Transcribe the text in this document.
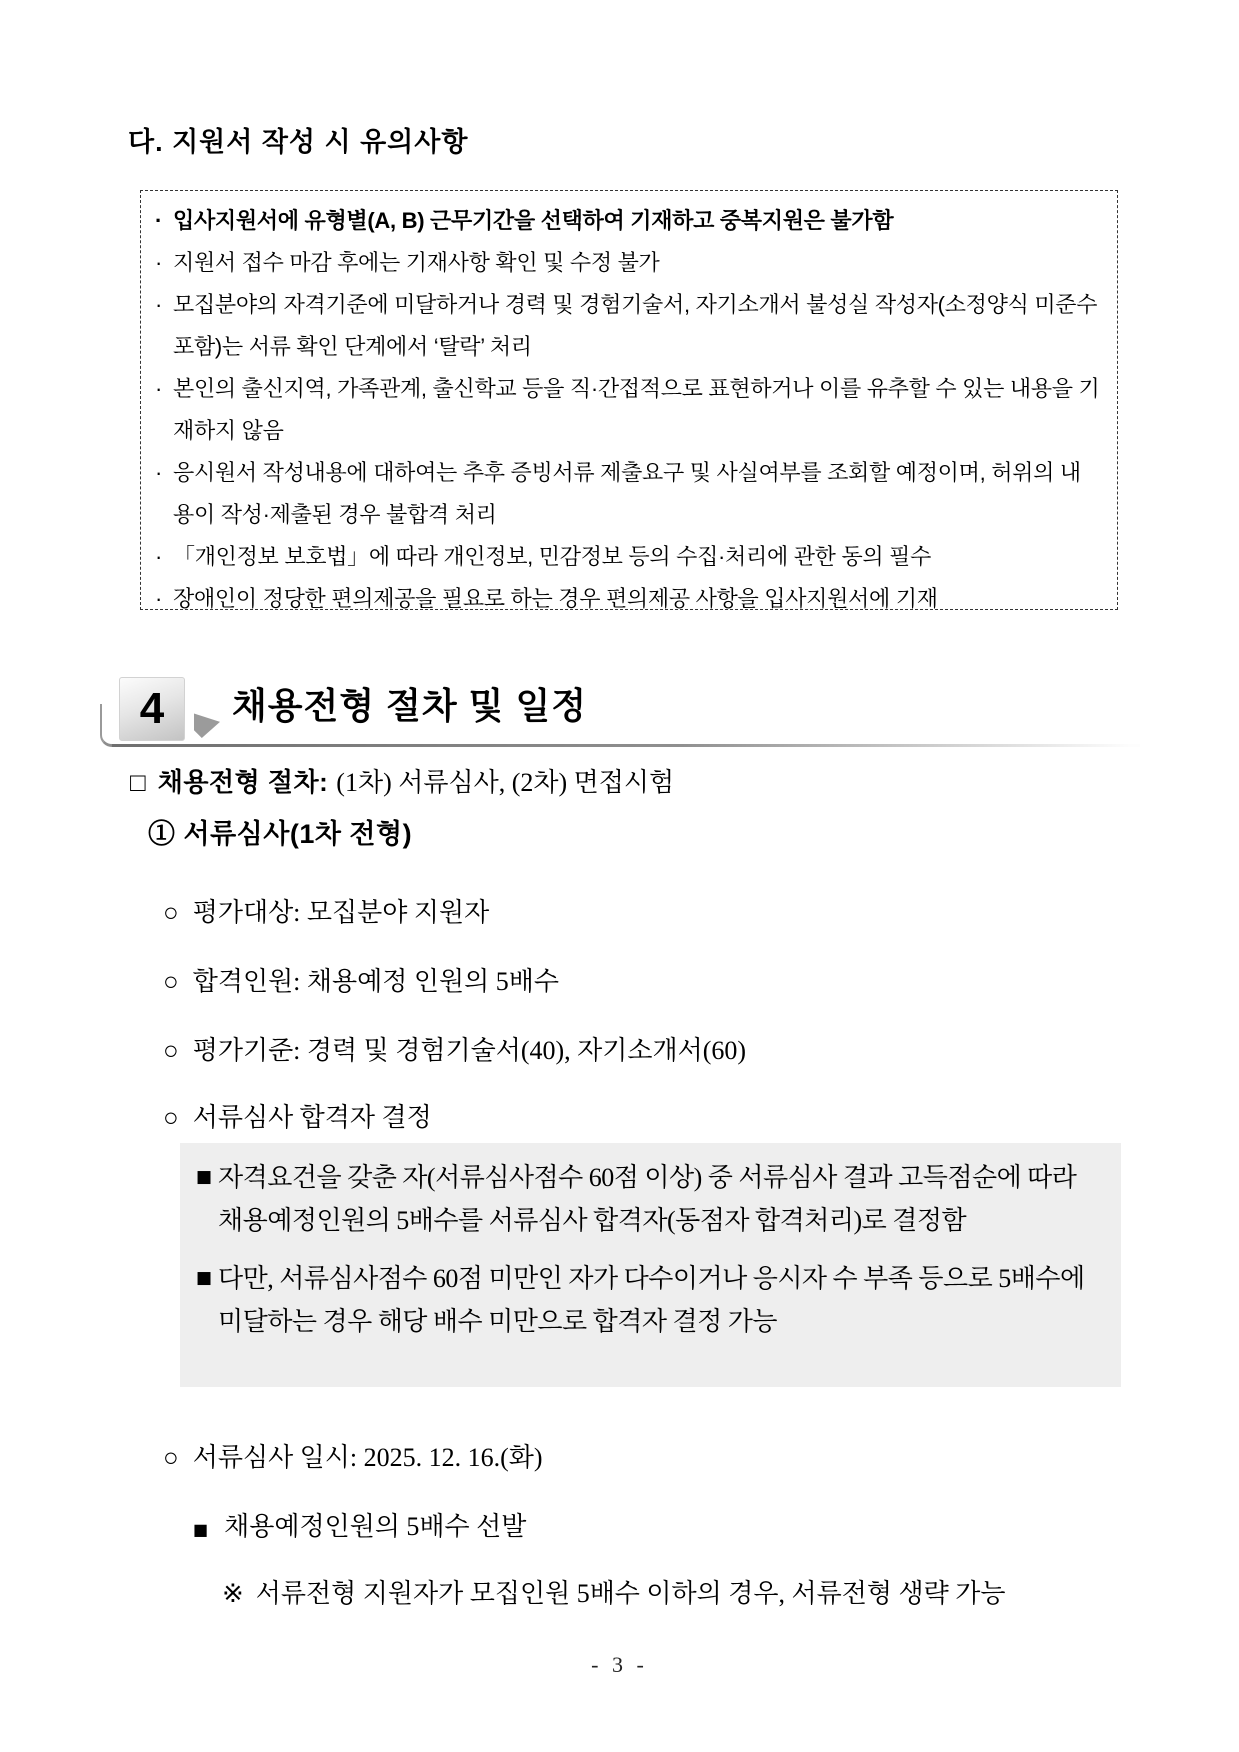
다. 지원서 작성 시 유의사항
· 입사지원서에 유형별(A, B) 근무기간을 선택하여 기재하고 중복지원은 불가함
· 지원서 접수 마감 후에는 기재사항 확인 및 수정 불가
· 모집분야의 자격기준에 미달하거나 경력 및 경험기술서, 자기소개서 불성실 작성자(소정양식 미준수 포함)는 서류 확인 단계에서 ‘탈락’ 처리
· 본인의 출신지역, 가족관계, 출신학교 등을 직·간접적으로 표현하거나 이를 유추할 수 있는 내용을 기재하지 않음
· 응시원서 작성내용에 대하여는 추후 증빙서류 제출요구 및 사실여부를 조회할 예정이며, 허위의 내용이 작성·제출된 경우 불합격 처리
· 「개인정보 보호법」에 따라 개인정보, 민감정보 등의 수집·처리에 관한 동의 필수
· 장애인이 정당한 편의제공을 필요로 하는 경우 편의제공 사항을 입사지원서에 기재
4	채용전형 절차 및 일정
□ 채용전형 절차: (1차) 서류심사, (2차) 면접시험
① 서류심사(1차 전형)
○ 평가대상: 모집분야 지원자
○ 합격인원: 채용예정 인원의 5배수
○ 평가기준: 경력 및 경험기술서(40), 자기소개서(60)
○ 서류심사 합격자 결정
■ 자격요건을 갖춘 자(서류심사점수 60점 이상) 중 서류심사 결과 고득점순에 따라 채용예정인원의 5배수를 서류심사 합격자(동점자 합격처리)로 결정함
■ 다만, 서류심사점수 60점 미만인 자가 다수이거나 응시자 수 부족 등으로 5배수에 미달하는 경우 해당 배수 미만으로 합격자 결정 가능
○ 서류심사 일시: 2025. 12. 16.(화)
■ 채용예정인원의 5배수 선발
※ 서류전형 지원자가 모집인원 5배수 이하의 경우, 서류전형 생략 가능
- 3 -
